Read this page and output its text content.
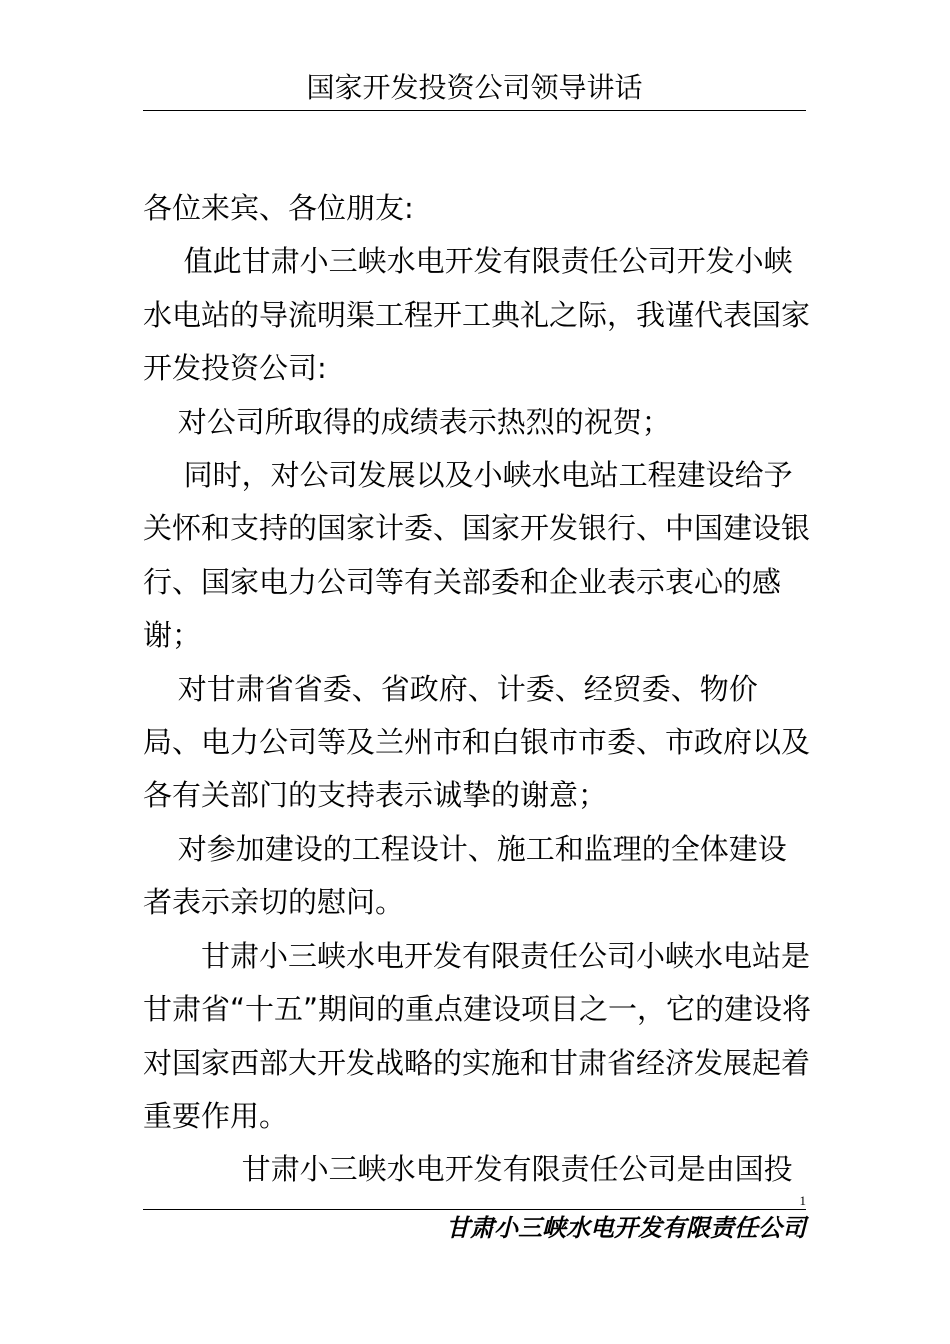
国家开发投资公司领导讲话

各位来宾、各位朋友:

值此甘肃小三峡水电开发有限责任公司开发小峡水电站的导流明渠工程开工典礼之际，我谨代表国家开发投资公司:

对公司所取得的成绩表示热烈的祝贺；

同时，对公司发展以及小峡水电站工程建设给予关怀和支持的国家计委、国家开发银行、中国建设银行、国家电力公司等有关部委和企业表示衷心的感谢；

对甘肃省省委、省政府、计委、经贸委、物价局、电力公司等及兰州市和白银市市委、市政府以及各有关部门的支持表示诚挚的谢意；

对参加建设的工程设计、施工和监理的全体建设者表示亲切的慰问。

甘肃小三峡水电开发有限责任公司小峡水电站是甘肃省“十五”期间的重点建设项目之一，它的建设将对国家西部大开发战略的实施和甘肃省经济发展起着重要作用。

甘肃小三峡水电开发有限责任公司是由国投

1
甘肃小三峡水电开发有限责任公司
